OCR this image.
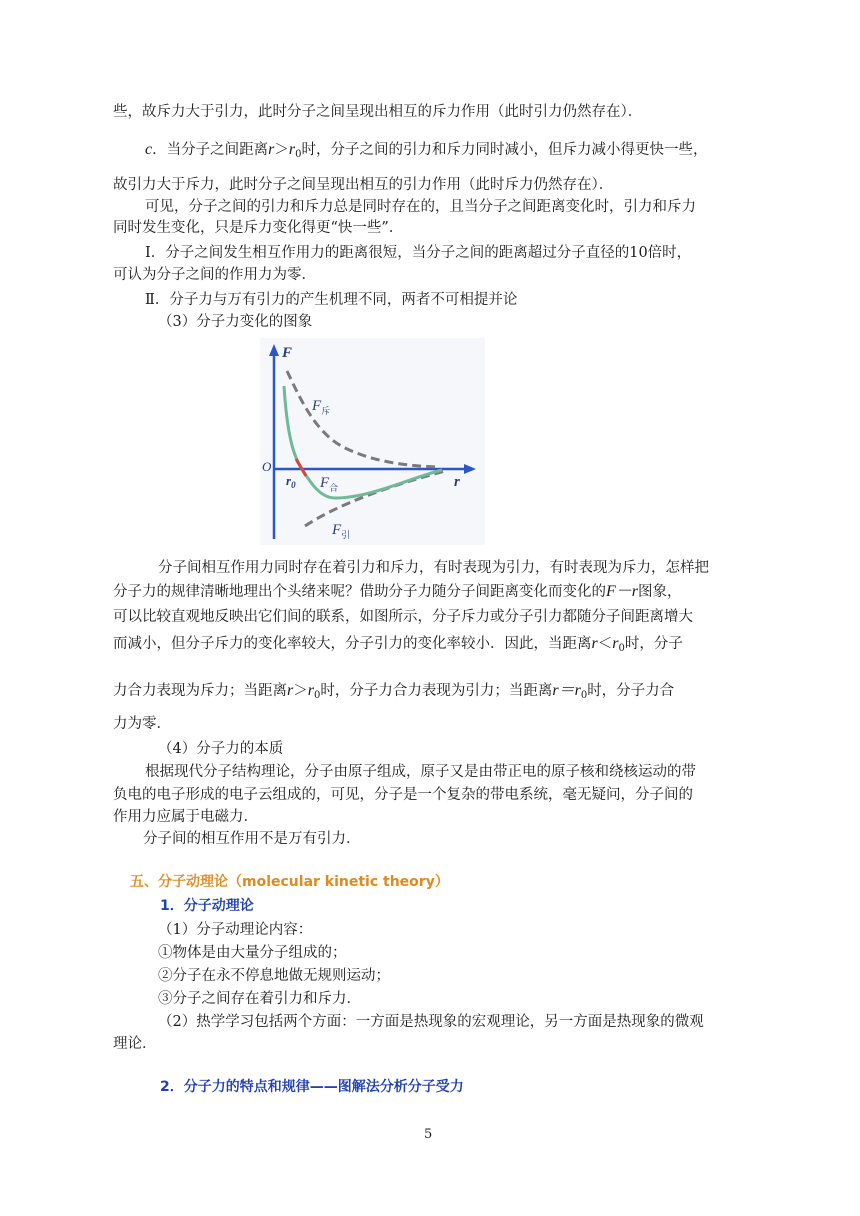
些，故斥力大于引力，此时分子之间呈现出相互的斥力作用（此时引力仍然存在）．
c．当分子之间距离$r>r_0$时，分子之间的引力和斥力同时减小，但斥力减小得更快一些，
故引力大于斥力，此时分子之间呈现出相互的引力作用（此时斥力仍然存在）．
可见，分子之间的引力和斥力总是同时存在的，且当分子之间距离变化时，引力和斥力
同时发生变化，只是斥力变化得更“快一些”．
Ⅰ．分子之间发生相互作用力的距离很短，当分子之间的距离超过分子直径的10倍时，
可认为分子之间的作用力为零．
Ⅱ．分子力与万有引力的产生机理不同，两者不可相提并论
（3）分子力变化的图象
F
r
O
$r_0$
$F_斥$
$F_合$
$F_引$
分子间相互作用力同时存在着引力和斥力，有时表现为引力，有时表现为斥力，怎样把
分子力的规律清晰地理出个头绪来呢？借助分子力随分子间距离变化而变化的F－r图象，
可以比较直观地反映出它们间的联系，如图所示，分子斥力或分子引力都随分子间距离增大
而减小，但分子斥力的变化率较大，分子引力的变化率较小．因此，当距离$r<r_0$时，分子
力合力表现为斥力；当距离$r>r_0$时，分子力合力表现为引力；当距离$r=r_0$时，分子力合
力为零．
（4）分子力的本质
根据现代分子结构理论，分子由原子组成，原子又是由带正电的原子核和绕核运动的带
负电的电子形成的电子云组成的，可见，分子是一个复杂的带电系统，毫无疑问，分子间的
作用力应属于电磁力．
分子间的相互作用不是万有引力．
五、分子动理论（molecular kinetic theory）
1．分子动理论
（1）分子动理论内容：
①物体是由大量分子组成的；
②分子在永不停息地做无规则运动；
③分子之间存在着引力和斥力．
（2）热学学习包括两个方面：一方面是热现象的宏观理论，另一方面是热现象的微观
理论．
2．分子力的特点和规律——图解法分析分子受力
5
